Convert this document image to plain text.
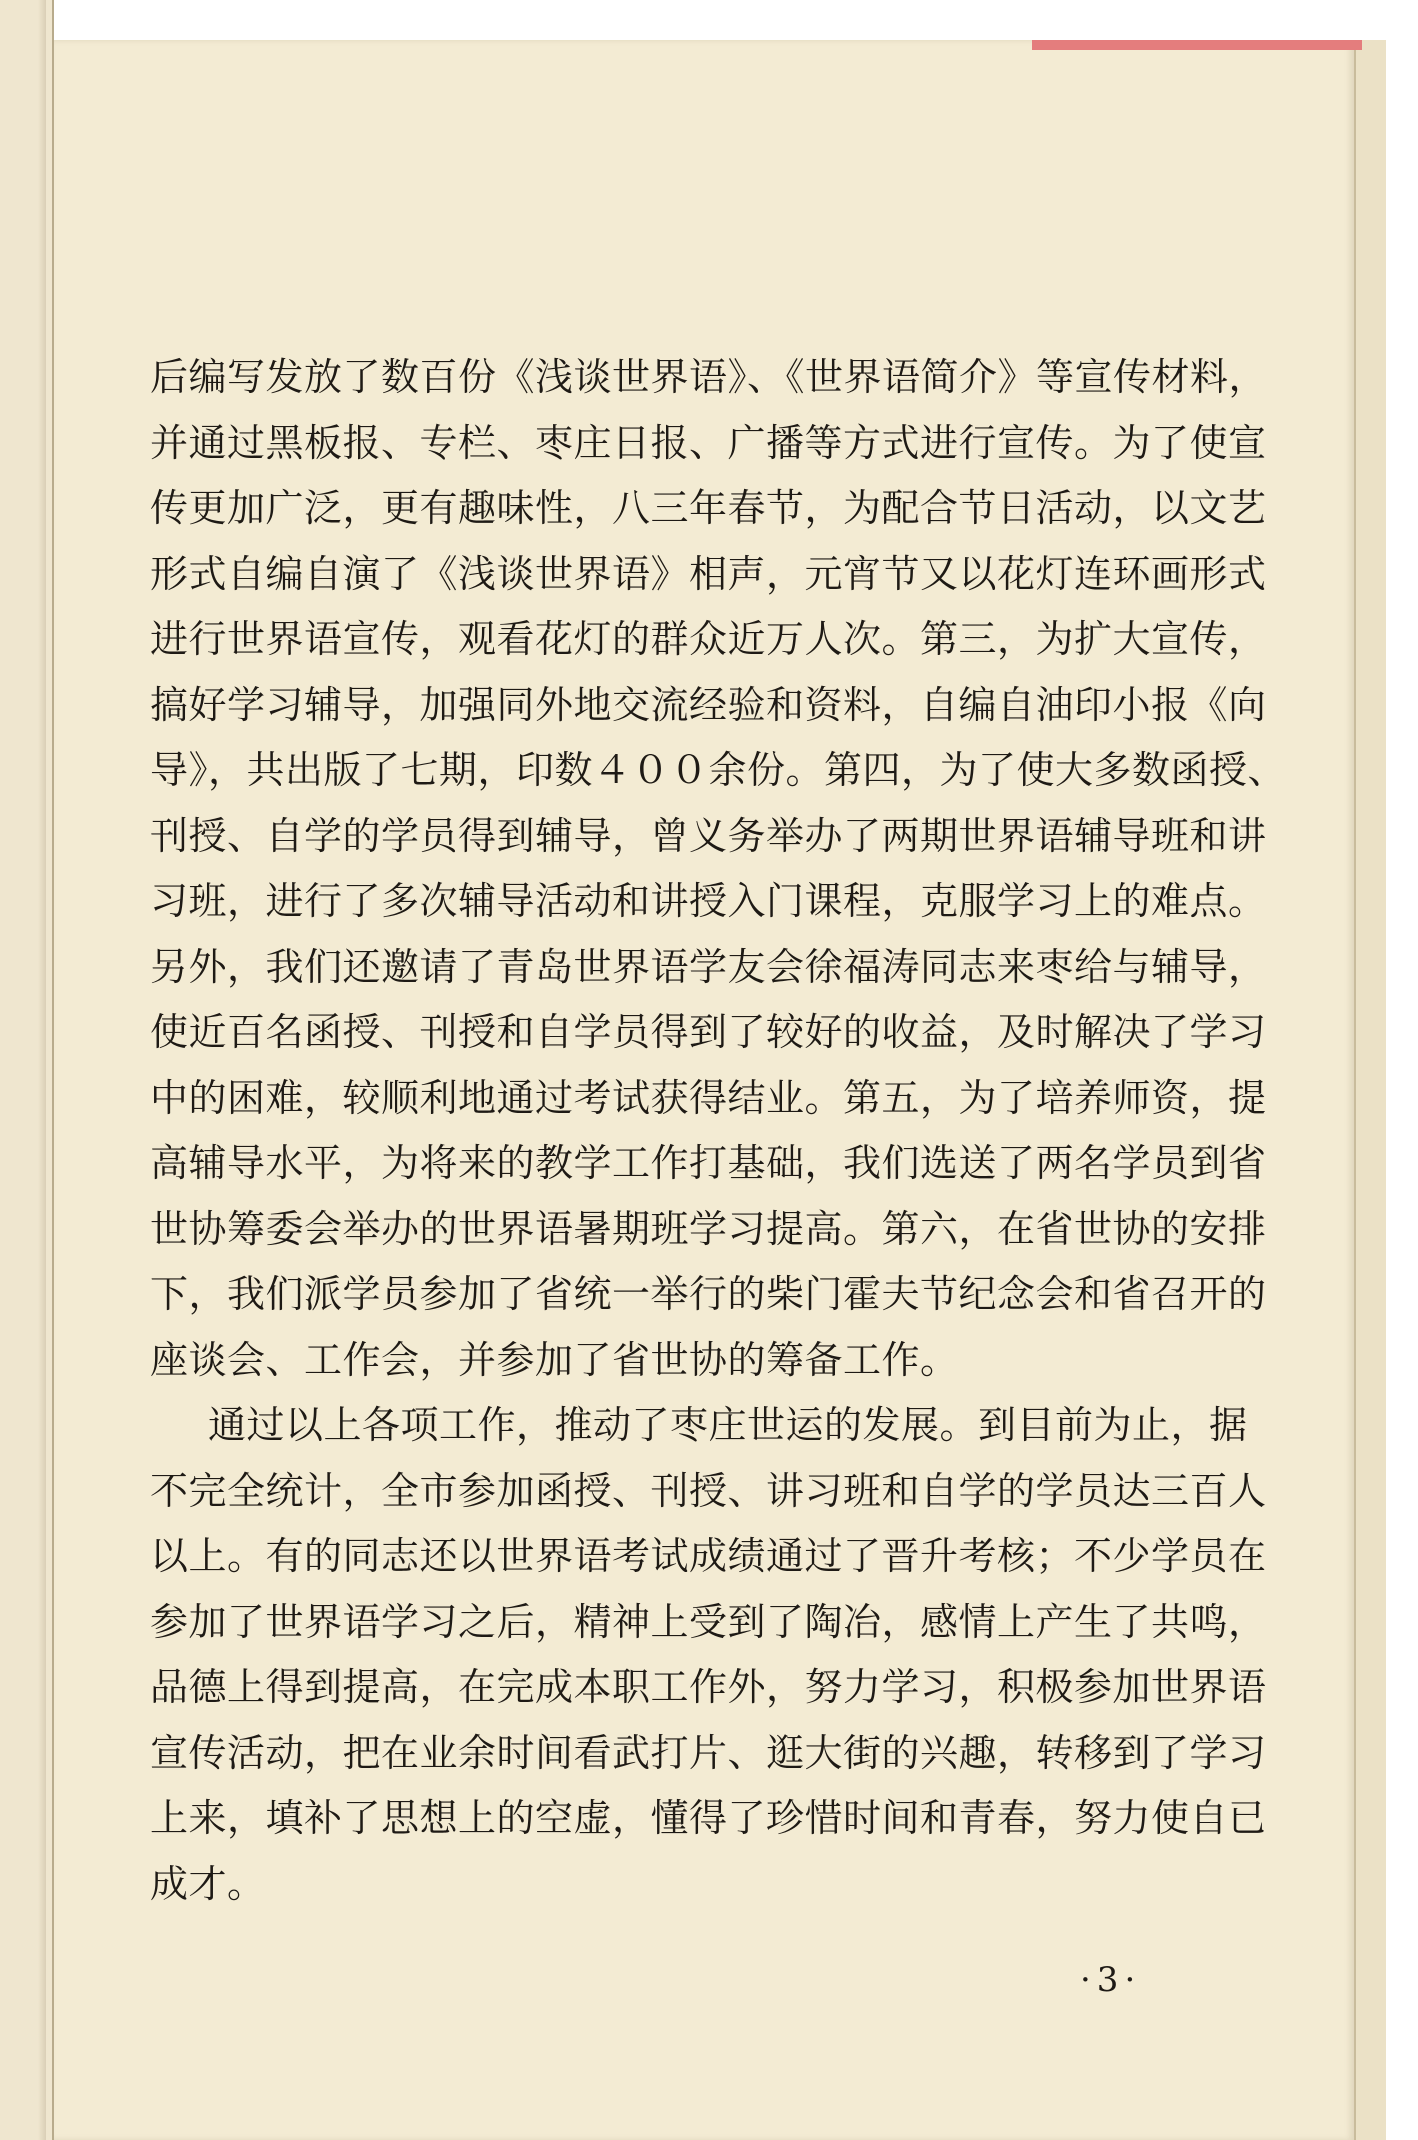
后编写发放了数百份《浅谈世界语》、《世界语简介》等宣传材料，
并通过黑板报、专栏、枣庄日报、广播等方式进行宣传。为了使宣
传更加广泛，更有趣味性，八三年春节，为配合节日活动，以文艺
形式自编自演了《浅谈世界语》相声，元宵节又以花灯连环画形式
进行世界语宣传，观看花灯的群众近万人次。第三，为扩大宣传，
搞好学习辅导，加强同外地交流经验和资料，自编自油印小报《向
导》，共出版了七期，印数４００余份。第四，为了使大多数函授、
刊授、自学的学员得到辅导，曾义务举办了两期世界语辅导班和讲
习班，进行了多次辅导活动和讲授入门课程，克服学习上的难点。
另外，我们还邀请了青岛世界语学友会徐福涛同志来枣给与辅导，
使近百名函授、刊授和自学员得到了较好的收益，及时解决了学习
中的困难，较顺利地通过考试获得结业。第五，为了培养师资，提
高辅导水平，为将来的教学工作打基础，我们选送了两名学员到省
世协筹委会举办的世界语暑期班学习提高。第六，在省世协的安排
下，我们派学员参加了省统一举行的柴门霍夫节纪念会和省召开的
座谈会、工作会，并参加了省世协的筹备工作。
通过以上各项工作，推动了枣庄世运的发展。到目前为止，据
不完全统计，全市参加函授、刊授、讲习班和自学的学员达三百人
以上。有的同志还以世界语考试成绩通过了晋升考核；不少学员在
参加了世界语学习之后，精神上受到了陶冶，感情上产生了共鸣，
品德上得到提高，在完成本职工作外，努力学习，积极参加世界语
宣传活动，把在业余时间看武打片、逛大街的兴趣，转移到了学习
上来，填补了思想上的空虚，懂得了珍惜时间和青春，努力使自已
成才。
·3·
